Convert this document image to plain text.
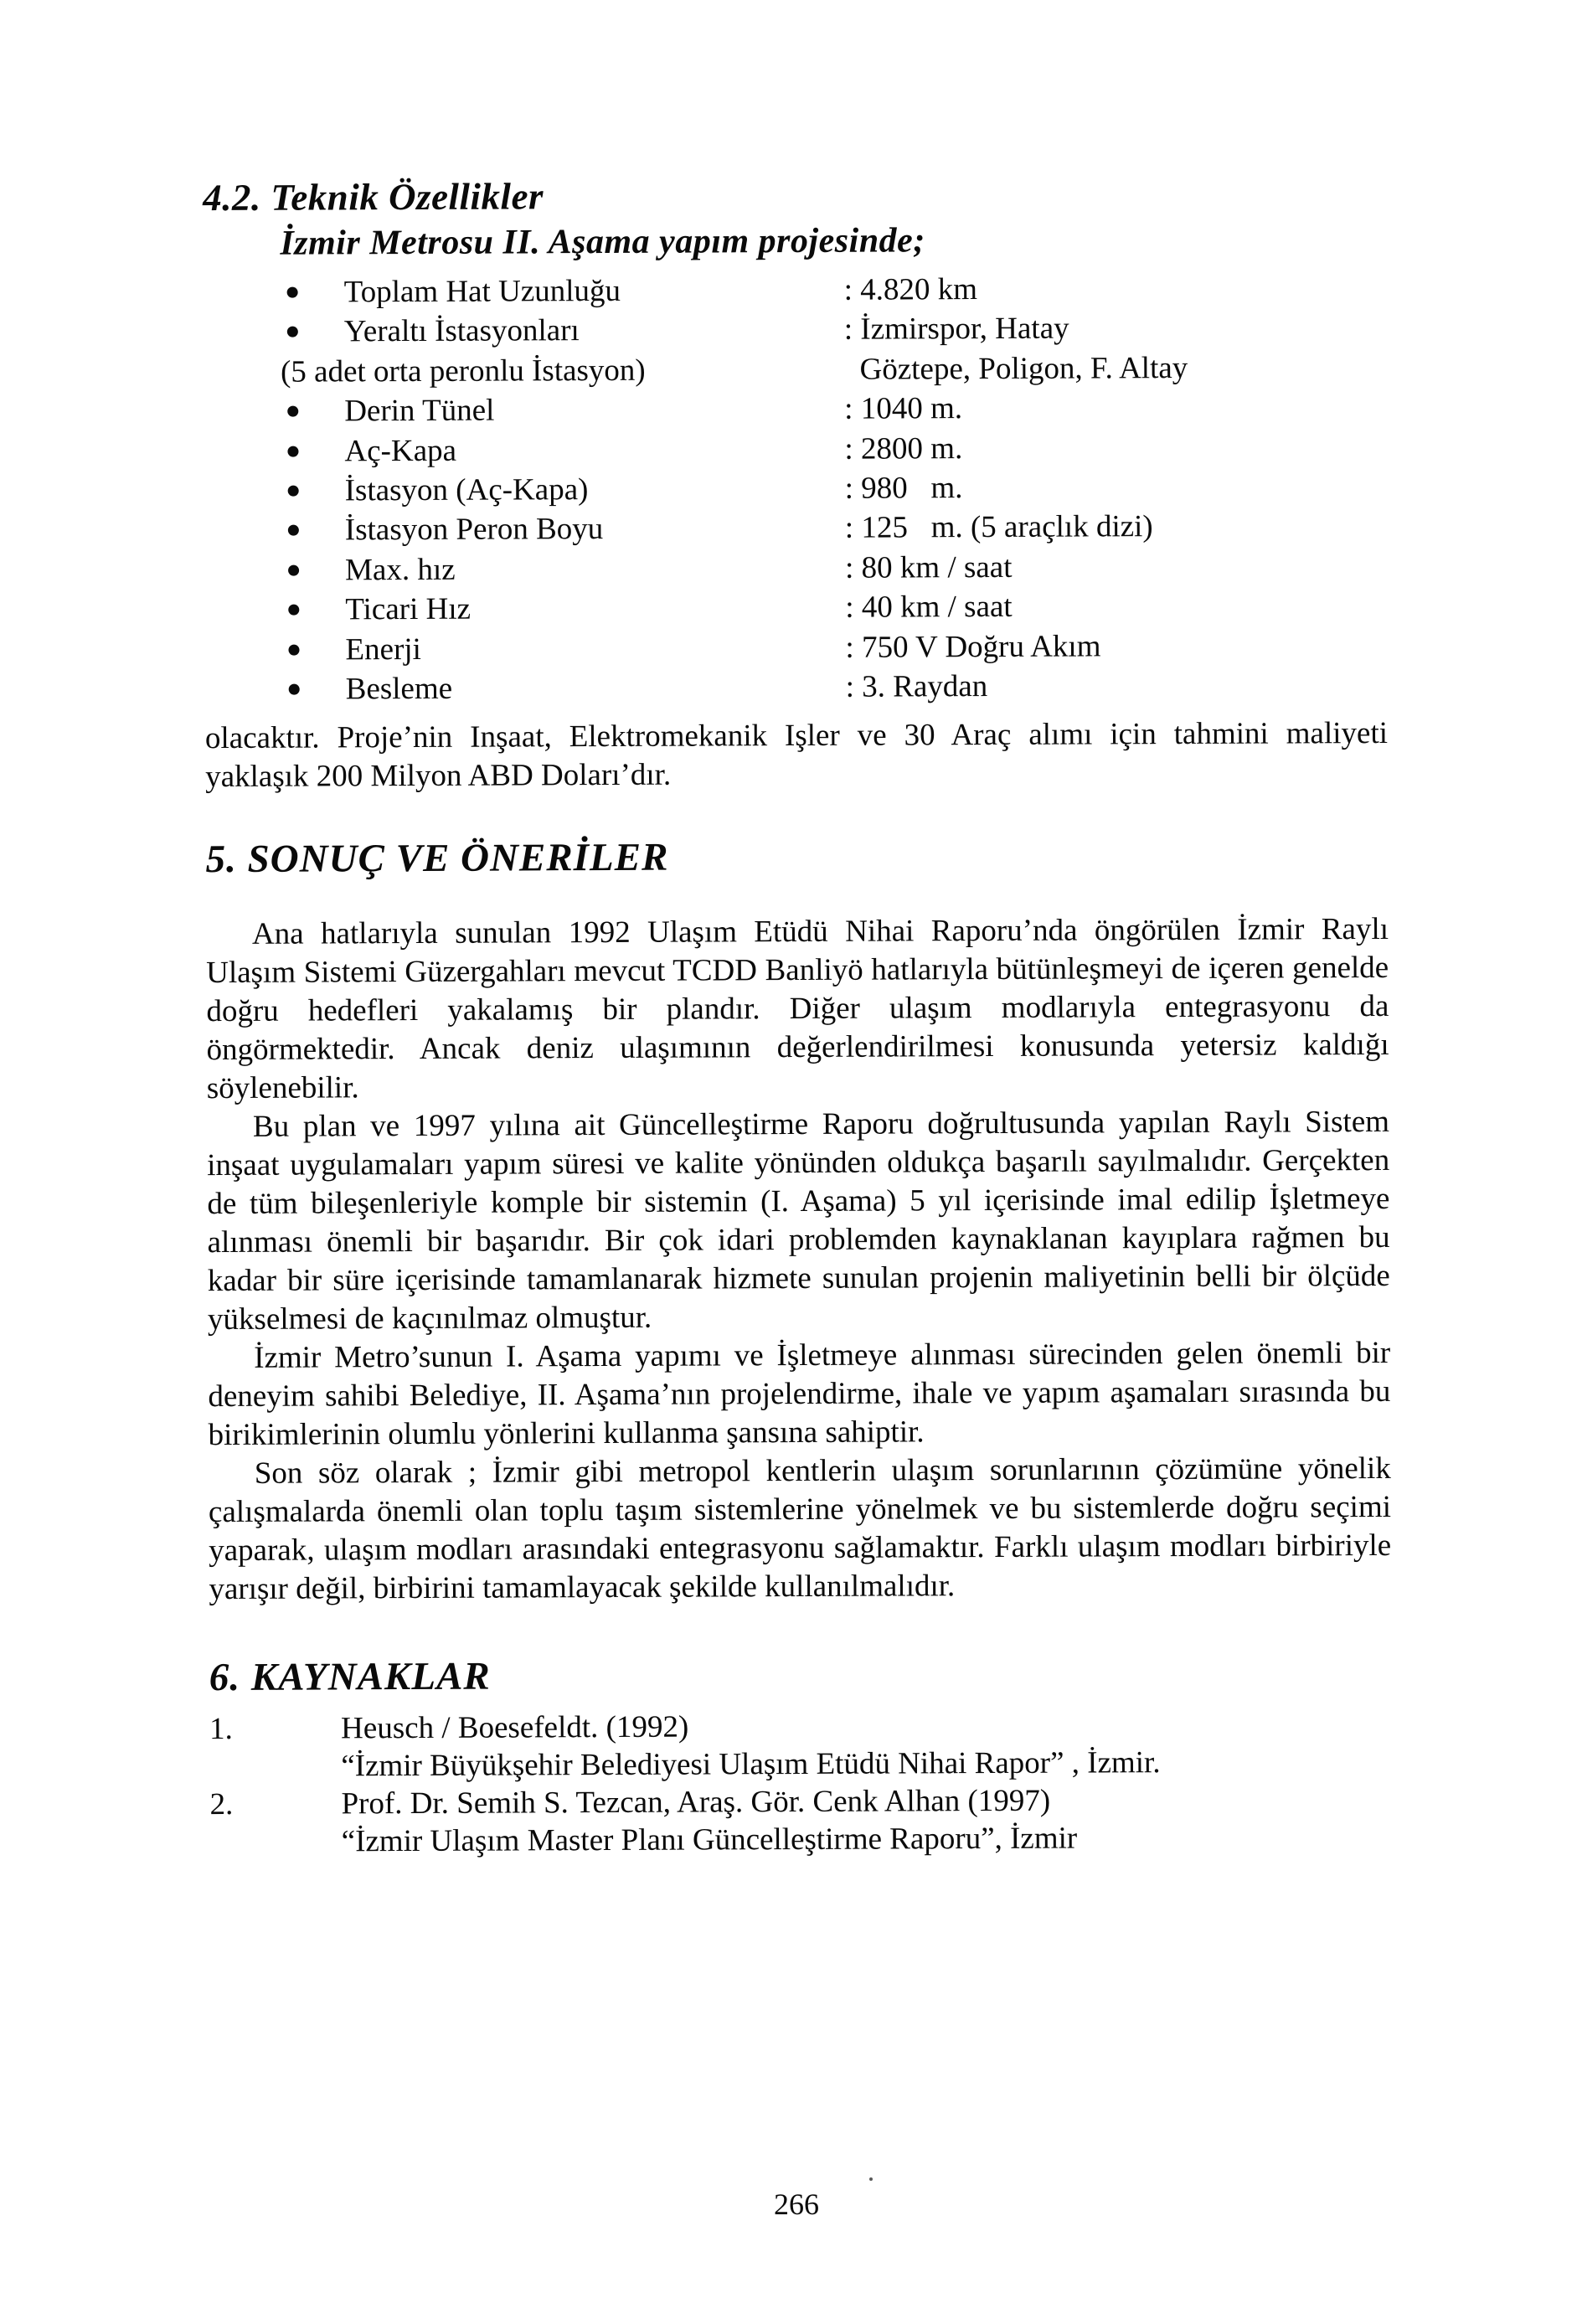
4.2. Teknik Özellikler
İzmir Metrosu II. Aşama yapım projesinde;
Toplam Hat Uzunluğu	: 4.820 km
Yeraltı İstasyonları	: İzmirspor, Hatay
(5 adet orta peronlu İstasyon)	Göztepe, Poligon, F. Altay
Derin Tünel	: 1040 m.
Aç-Kapa	: 2800 m.
İstasyon (Aç-Kapa)	: 980   m.
İstasyon Peron Boyu	: 125   m. (5 araçlık dizi)
Max. hız	: 80 km / saat
Ticari Hız	: 40 km / saat
Enerji	: 750 V Doğru Akım
Besleme	: 3. Raydan

olacaktır. Proje’nin Inşaat, Elektromekanik Işler ve 30 Araç alımı için tahmini maliyeti yaklaşık 200 Milyon ABD Doları’dır.

5. SONUÇ VE ÖNERİLER

Ana hatlarıyla sunulan 1992 Ulaşım Etüdü Nihai Raporu’nda öngörülen İzmir Raylı Ulaşım Sistemi Güzergahları mevcut TCDD Banliyö hatlarıyla bütünleşmeyi de içeren genelde doğru hedefleri yakalamış bir plandır. Diğer ulaşım modlarıyla entegrasyonu da öngörmektedir. Ancak deniz ulaşımının değerlendirilmesi konusunda yetersiz kaldığı söylenebilir.

Bu plan ve 1997 yılına ait Güncelleştirme Raporu doğrultusunda yapılan Raylı Sistem inşaat uygulamaları yapım süresi ve kalite yönünden oldukça başarılı sayılmalıdır. Gerçekten de tüm bileşenleriyle komple bir sistemin (I. Aşama) 5 yıl içerisinde imal edilip İşletmeye alınması önemli bir başarıdır. Bir çok idari problemden kaynaklanan kayıplara rağmen bu kadar bir süre içerisinde tamamlanarak hizmete sunulan projenin maliyetinin belli bir ölçüde yükselmesi de kaçınılmaz olmuştur.

İzmir Metro’sunun I. Aşama yapımı ve İşletmeye alınması sürecinden gelen önemli bir deneyim sahibi Belediye, II. Aşama’nın projelendirme, ihale ve yapım aşamaları sırasında bu birikimlerinin olumlu yönlerini kullanma şansına sahiptir.

Son söz olarak ; İzmir gibi metropol kentlerin ulaşım sorunlarının çözümüne yönelik çalışmalarda önemli olan toplu taşım sistemlerine yönelmek ve bu sistemlerde doğru seçimi yaparak, ulaşım modları arasındaki entegrasyonu sağlamaktır. Farklı ulaşım modları birbiriyle yarışır değil, birbirini tamamlayacak şekilde kullanılmalıdır.

6. KAYNAKLAR
1.	Heusch / Boesefeldt. (1992)
“İzmir Büyükşehir Belediyesi Ulaşım Etüdü Nihai Rapor” , İzmir.
2.	Prof. Dr. Semih S. Tezcan, Araş. Gör. Cenk Alhan (1997)
“İzmir Ulaşım Master Planı Güncelleştirme Raporu”, İzmir
266
